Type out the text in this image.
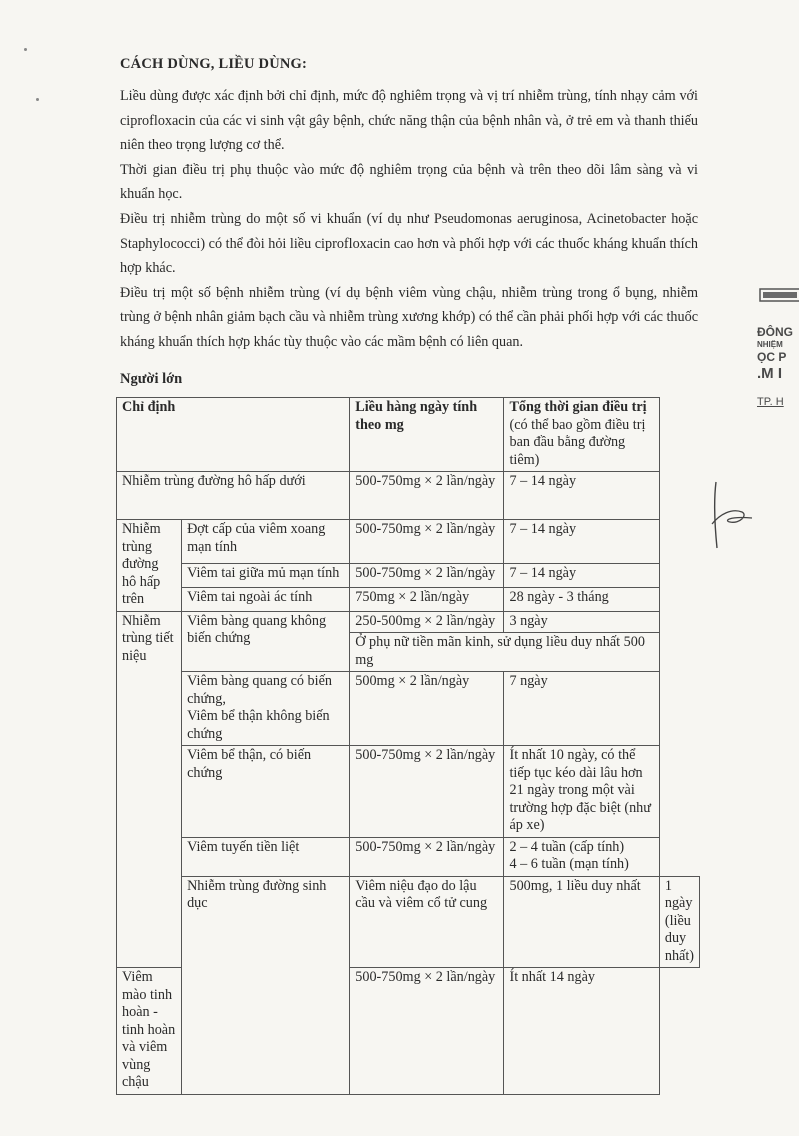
CÁCH DÙNG, LIỀU DÙNG:

Liều dùng được xác định bởi chỉ định, mức độ nghiêm trọng và vị trí nhiễm trùng, tính nhạy cảm với ciprofloxacin của các vi sinh vật gây bệnh, chức năng thận của bệnh nhân và, ở trẻ em và thanh thiếu niên theo trọng lượng cơ thể.

Thời gian điều trị phụ thuộc vào mức độ nghiêm trọng của bệnh và trên theo dõi lâm sàng và vi khuẩn học.

Điều trị nhiễm trùng do một số vi khuẩn (ví dụ như Pseudomonas aeruginosa, Acinetobacter hoặc Staphylococci) có thể đòi hỏi liều ciprofloxacin cao hơn và phối hợp với các thuốc kháng khuẩn thích hợp khác.

Điều trị một số bệnh nhiễm trùng (ví dụ bệnh viêm vùng chậu, nhiễm trùng trong ổ bụng, nhiễm trùng ở bệnh nhân giảm bạch cầu và nhiễm trùng xương khớp) có thể cần phải phối hợp với các thuốc kháng khuẩn thích hợp khác tùy thuộc vào các mầm bệnh có liên quan.

Người lớn
Chỉ định		Liều hàng ngày tính theo mg	Tổng thời gian điều trị
(có thể bao gồm điều trị ban đầu bằng đường tiêm)	
Nhiễm trùng đường hô hấp dưới		500-750mg × 2 lần/ngày	7 – 14 ngày	
Nhiễm trùng đường hô hấp trên	Đợt cấp của viêm xoang mạn tính	500-750mg × 2 lần/ngày	7 – 14 ngày	
	Viêm tai giữa mủ mạn tính	500-750mg × 2 lần/ngày	7 – 14 ngày	
	Viêm tai ngoài ác tính	750mg × 2 lần/ngày	28 ngày - 3 tháng	
Nhiễm trùng tiết niệu	Viêm bàng quang không biến chứng	250-500mg × 2 lần/ngày	3 ngày	
		Ở phụ nữ tiền mãn kinh, sử dụng liều duy nhất 500 mg		
	Viêm bàng quang có biến chứng,
Viêm bể thận không biến chứng	500mg × 2 lần/ngày	7 ngày	
	Viêm bể thận, có biến chứng	500-750mg × 2 lần/ngày	Ít nhất 10 ngày, có thể tiếp tục kéo dài lâu hơn 21 ngày trong một vài trường hợp đặc biệt (như áp xe)	
	Viêm tuyến tiền liệt	500-750mg × 2 lần/ngày	2 – 4 tuần (cấp tính)
4 – 6 tuần (mạn tính)	
	Nhiễm trùng đường sinh dục	Viêm niệu đạo do lậu cầu và viêm cổ tử cung	500mg, 1 liều duy nhất	1 ngày (liều duy nhất)
Viêm mào tinh hoàn - tinh hoàn và viêm vùng chậu		500-750mg × 2 lần/ngày	Ít nhất 14 ngày	
ĐÔNG
NHIỆM
ỌC P
.M I
TP. H
